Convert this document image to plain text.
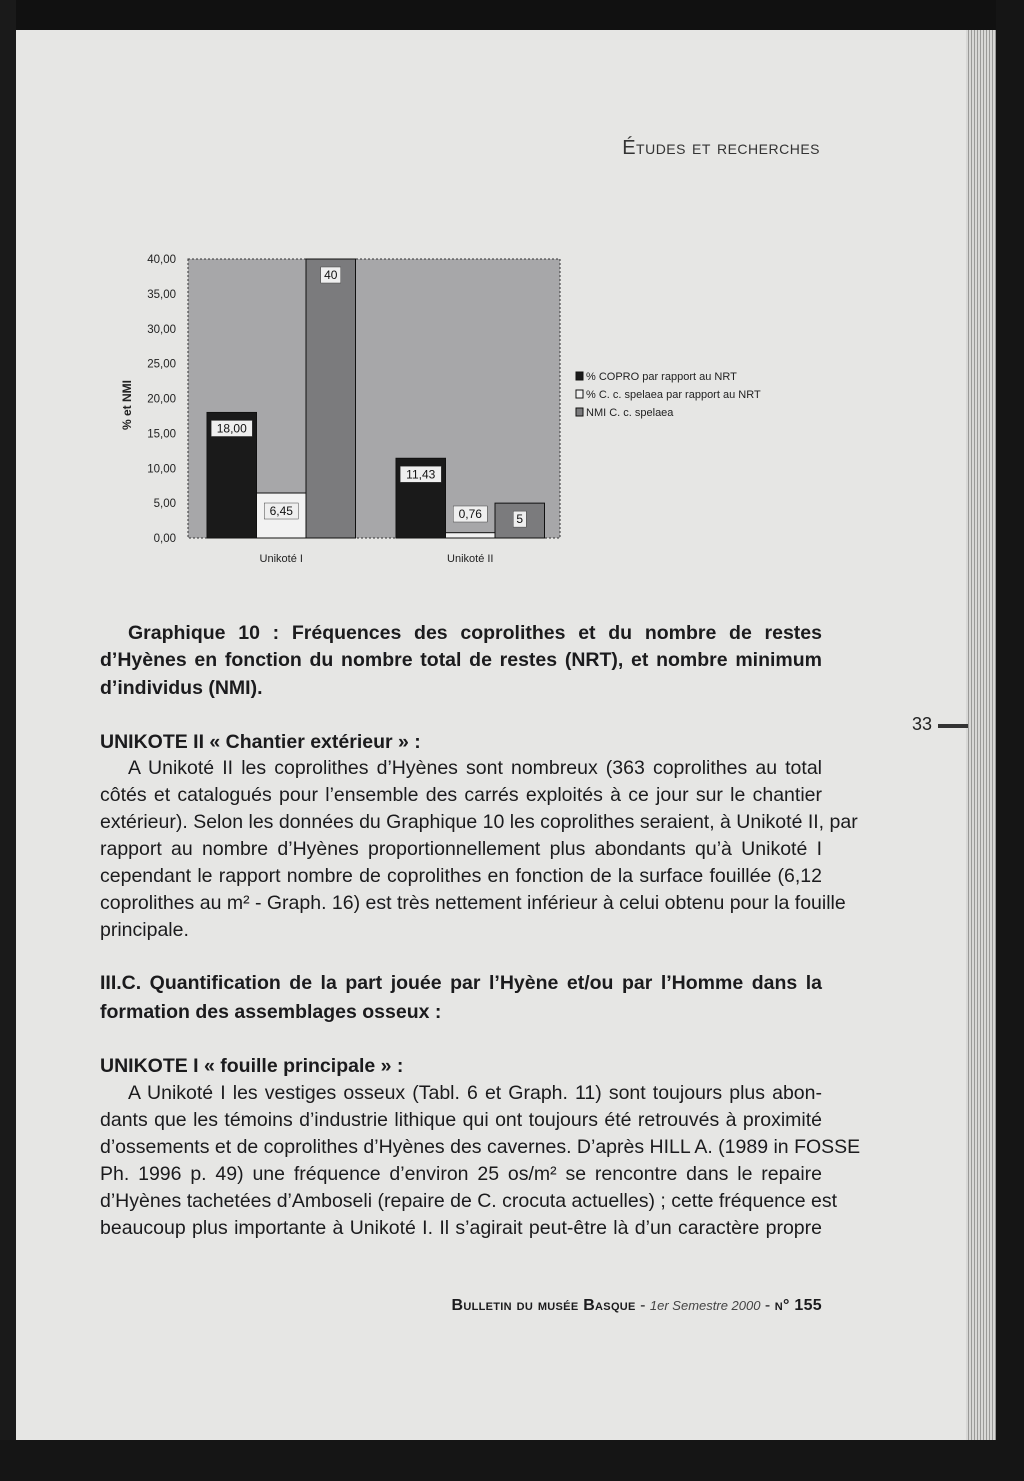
Études et recherches
0,00
5,00
10,00
15,00
20,00
25,00
30,00
35,00
40,00
% et NMI	18,00
6,45
40
Unikoté I
11,43
0,76	5
Unikoté II
% COPRO par rapport au NRT
% C. c. spelaea par rapport au NRT
NMI C. c. spelaea
Graphique 10 : Fréquences des coprolithes et du nombre de restes
d’Hyènes en fonction du nombre total de restes (NRT), et nombre minimum
d’individus (NMI).
UNIKOTE II « Chantier extérieur » :
A Unikoté II les coprolithes d’Hyènes sont nombreux (363 coprolithes au total
côtés et catalogués pour l’ensemble des carrés exploités à ce jour sur le chantier
extérieur). Selon les données du Graphique 10 les coprolithes seraient, à Unikoté II, par
rapport au nombre d’Hyènes proportionnellement plus abondants qu’à Unikoté I
cependant le rapport nombre de coprolithes en fonction de la surface fouillée (6,12
coprolithes au m² - Graph. 16) est très nettement inférieur à celui obtenu pour la fouille
principale.
III.C. Quantification de la part jouée par l’Hyène et/ou par l’Homme dans la
formation des assemblages osseux :
UNIKOTE I « fouille principale » :
A Unikoté I les vestiges osseux (Tabl. 6 et Graph. 11) sont toujours plus abon-
dants que les témoins d’industrie lithique qui ont toujours été retrouvés à proximité
d’ossements et de coprolithes d’Hyènes des cavernes. D’après HILL A. (1989 in FOSSE
Ph. 1996 p. 49) une fréquence d’environ 25 os/m² se rencontre dans le repaire
d’Hyènes tachetées d’Amboseli (repaire de C. crocuta actuelles) ; cette fréquence est
beaucoup plus importante à Unikoté I. Il s’agirait peut-être là d’un caractère propre
33
Bulletin du musée Basque - 1er Semestre 2000 - n° 155
